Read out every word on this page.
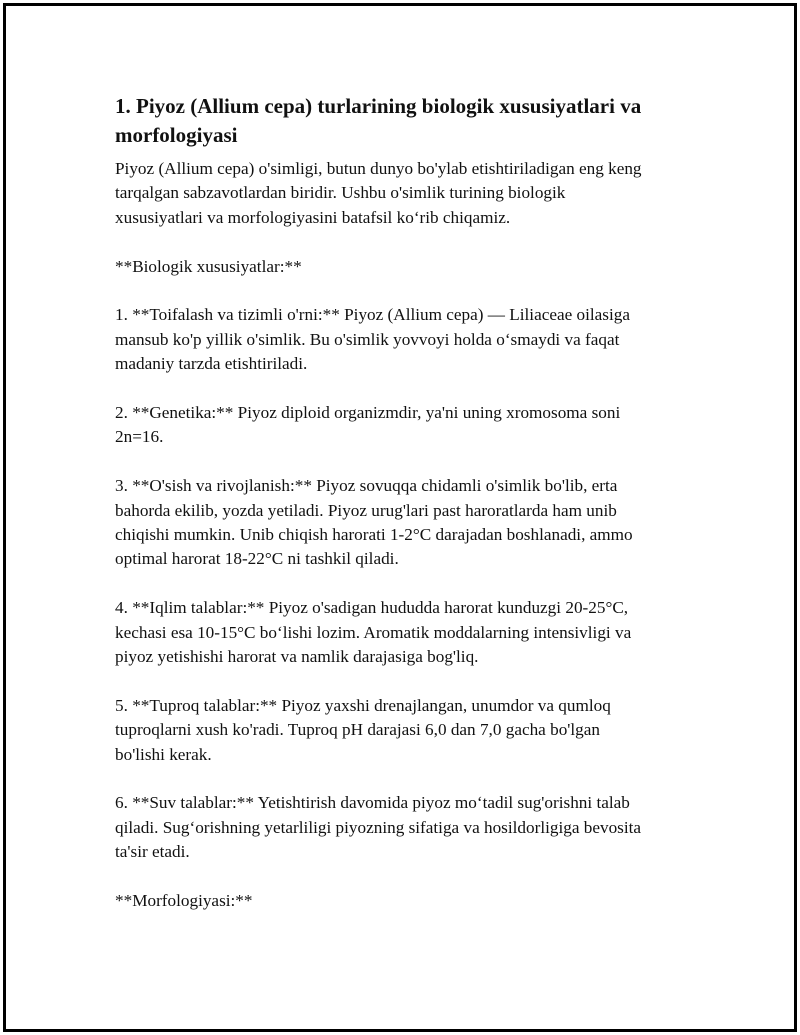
1. Piyoz (Allium cepa) turlarining biologik xususiyatlari va
morfologiyasi
Piyoz (Allium cepa) o'simligi, butun dunyo bo'ylab etishtiriladigan eng keng
tarqalgan sabzavotlardan biridir. Ushbu o'simlik turining biologik
xususiyatlari va morfologiyasini batafsil ko‘rib chiqamiz.
**Biologik xususiyatlar:**
1. **Toifalash va tizimli o'rni:** Piyoz (Allium cepa) — Liliaceae oilasiga
mansub ko'p yillik o'simlik. Bu o'simlik yovvoyi holda o‘smaydi va faqat
madaniy tarzda etishtiriladi.
2. **Genetika:** Piyoz diploid organizmdir, ya'ni uning xromosoma soni
2n=16.
3. **O'sish va rivojlanish:** Piyoz sovuqqa chidamli o'simlik bo'lib, erta
bahorda ekilib, yozda yetiladi. Piyoz urug'lari past haroratlarda ham unib
chiqishi mumkin. Unib chiqish harorati 1-2°C darajadan boshlanadi, ammo
optimal harorat 18-22°C ni tashkil qiladi.
4. **Iqlim talablar:** Piyoz o'sadigan hududda harorat kunduzgi 20-25°C,
kechasi esa 10-15°C bo‘lishi lozim. Aromatik moddalarning intensivligi va
piyoz yetishishi harorat va namlik darajasiga bog'liq.
5. **Tuproq talablar:** Piyoz yaxshi drenajlangan, unumdor va qumloq
tuproqlarni xush ko'radi. Tuproq pH darajasi 6,0 dan 7,0 gacha bo'lgan
bo'lishi kerak.
6. **Suv talablar:** Yetishtirish davomida piyoz mo‘tadil sug'orishni talab
qiladi. Sug‘orishning yetarliligi piyozning sifatiga va hosildorligiga bevosita
ta'sir etadi.
**Morfologiyasi:**
